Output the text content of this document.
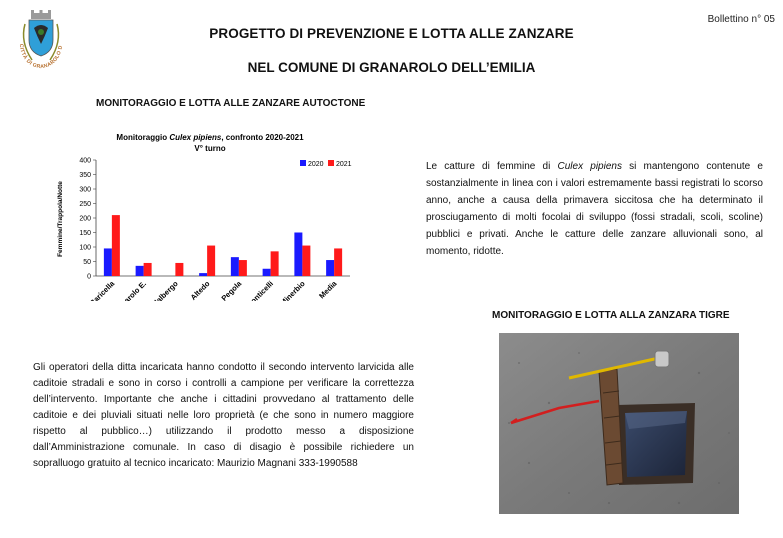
CITTÀ DI GRANAROLO D
Bollettino n° 05
PROGETTO DI PREVENZIONE E LOTTA ALLE ZANZARE
NEL COMUNE DI GRANAROLO DELL’EMILIA
MONITORAGGIO E LOTTA ALLE ZANZARE AUTOCTONE
Monitoraggio Culex pipiens, confronto 2020-2021
V° turno
Femmine/Trappola/Notte
0
50
100
150
200
250
300
350
400
Baricella
Granarolo E.
Malalbergo Altedo Pegola Ponticelli Minerbio Media
2020 2021	Le catture di femmine di Culex pipiens si mantengono contenute e sostanzialmente in linea con i valori estremamente bassi registrati lo scorso anno, anche a causa della primavera siccitosa che ha determinato il prosciugamento di molti focolai di sviluppo (fossi stradali, scoli, scoline) pubblici e privati. Anche le catture delle zanzare alluvionali sono, al momento, ridotte.
MONITORAGGIO E LOTTA ALLA ZANZARA TIGRE
Gli operatori della ditta incaricata hanno condotto il secondo intervento larvicida alle caditoie stradali e sono in corso i controlli a campione per verificare la correttezza dell’intervento. Importante che anche i cittadini provvedano al trattamento delle caditoie e dei pluviali situati nelle loro proprietà (e che sono in numero maggiore rispetto al pubblico…) utilizzando il prodotto messo a disposizione dall’Amministrazione comunale. In caso di disagio è possibile richiedere un sopralluogo gratuito al tecnico incaricato: Maurizio Magnani 333-1990588
